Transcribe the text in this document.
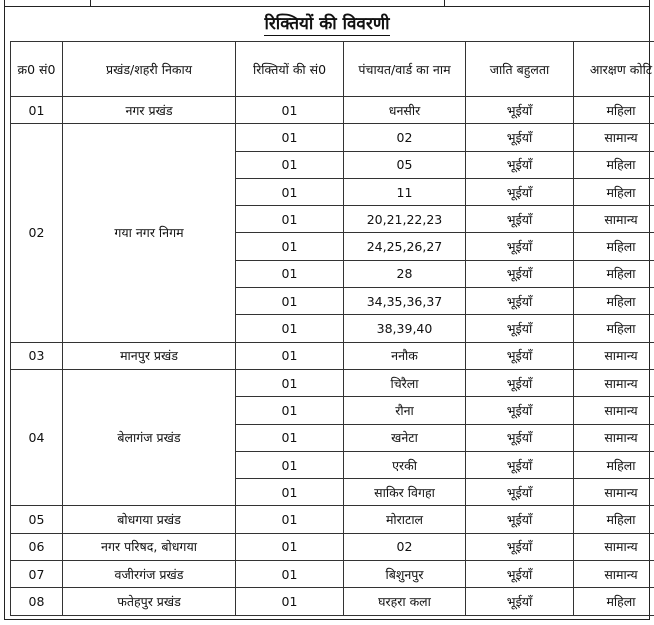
रिक्तियों की विवरणी
क्र0 सं0	प्रखंड/शहरी निकाय	रिक्तियों की सं0	पंचायत/वार्ड का नाम	जाति बहुलता	आरक्षण कोटि
01	नगर प्रखंड	01	धनसीर	भूईयाँ	महिला
02	गया नगर निगम	01	02	भूईयाँ	सामान्य
		01	05	भूईयाँ	महिला
		01	11	भूईयाँ	महिला
		01	20,21,22,23	भूईयाँ	सामान्य
		01	24,25,26,27	भूईयाँ	महिला
		01	28	भूईयाँ	महिला
		01	34,35,36,37	भूईयाँ	महिला
		01	38,39,40	भूईयाँ	महिला
03	मानपुर प्रखंड	01	ननौक	भूईयाँ	सामान्य
04	बेलागंज प्रखंड	01	चिरैला	भूईयाँ	सामान्य
		01	रौना	भूईयाँ	सामान्य
		01	खनेटा	भूईयाँ	सामान्य
		01	एरकी	भूईयाँ	महिला
		01	साकिर विगहा	भूईयाँ	सामान्य
05	बोधगया प्रखंड	01	मोराटाल	भूईयाँ	महिला
06	नगर परिषद, बोधगया	01	02	भूईयाँ	सामान्य
07	वजीरगंज प्रखंड	01	बिशुनपुर	भूईयाँ	सामान्य
08	फतेहपुर प्रखंड	01	घरहरा कला	भूईयाँ	महिला
